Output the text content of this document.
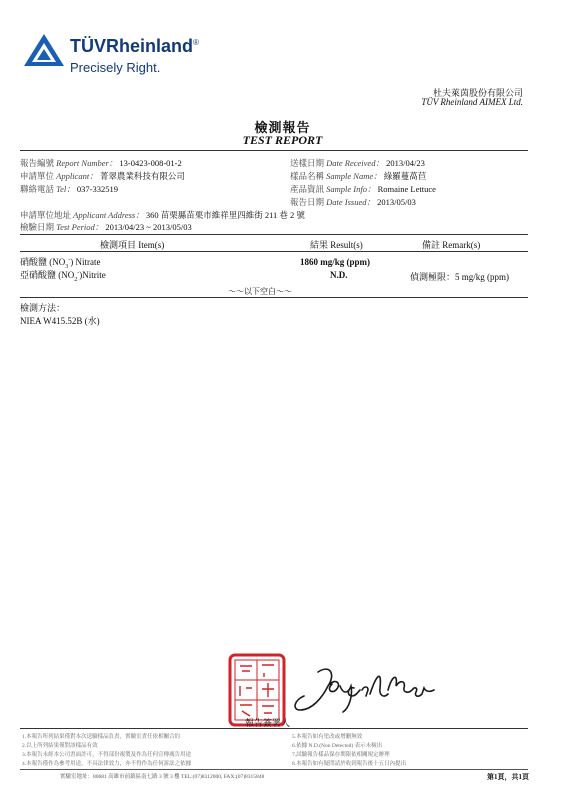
TÜVRheinland®
Precisely Right.
杜夫萊茵股份有限公司
TÜV Rheinland AIMEX Ltd.
檢測報告
TEST REPORT
報告編號 Report Number： 13-0423-008-01-2
申請單位 Applicant： 菁翠農業科技有限公司
聯絡電話 Tel： 037-332519
送樣日期 Date Received： 2013/04/23
樣品名稱 Sample Name： 綠羅蔓萵苣
產品資訊 Sample Info： Romaine Lettuce
報告日期 Date Issued： 2013/05/03
申請單位地址 Applicant Address： 360 苗栗縣苗栗市維祥里四維街 211 巷 2 號
檢驗日期 Test Period： 2013/04/23 ~ 2013/05/03
檢測項目 Item(s)	結果 Result(s)	備註 Remark(s)
硝酸鹽 $(NO_3^-)$ Nitrate	1860 mg/kg (ppm)
亞硝酸鹽 $(NO_2^-)Nitrite$	N.D.	偵測極限：5 mg/kg (ppm)
～～以下空白～～
檢測方法：
NIEA W415.52B (水)
報告簽署人
1.本報告所列結果僅對本次送驗樣品負責，實驗室責任依相關合約
2.以上所列結果僅對該樣品有效
3.本報告未經本公司書面許可，不得部份複製及作為任何宣傳廣告用途
4.本報告僅作為參考用途，不具法律效力，亦不得作為任何訴訟之依據
5.本報告如有塗改或增刪無效
6.依據 N.D.(Non Detected) 表示未檢出
7.試驗報告樣品保存期限依相關規定辦理
8.本報告如有疑問請於收到報告後十五日內提出
實驗室地址：80681 高雄市前鎮區南七路 3 號 3 樓 TEL:(07)8312000, FAX:(07)8315848	第1頁，共1頁
